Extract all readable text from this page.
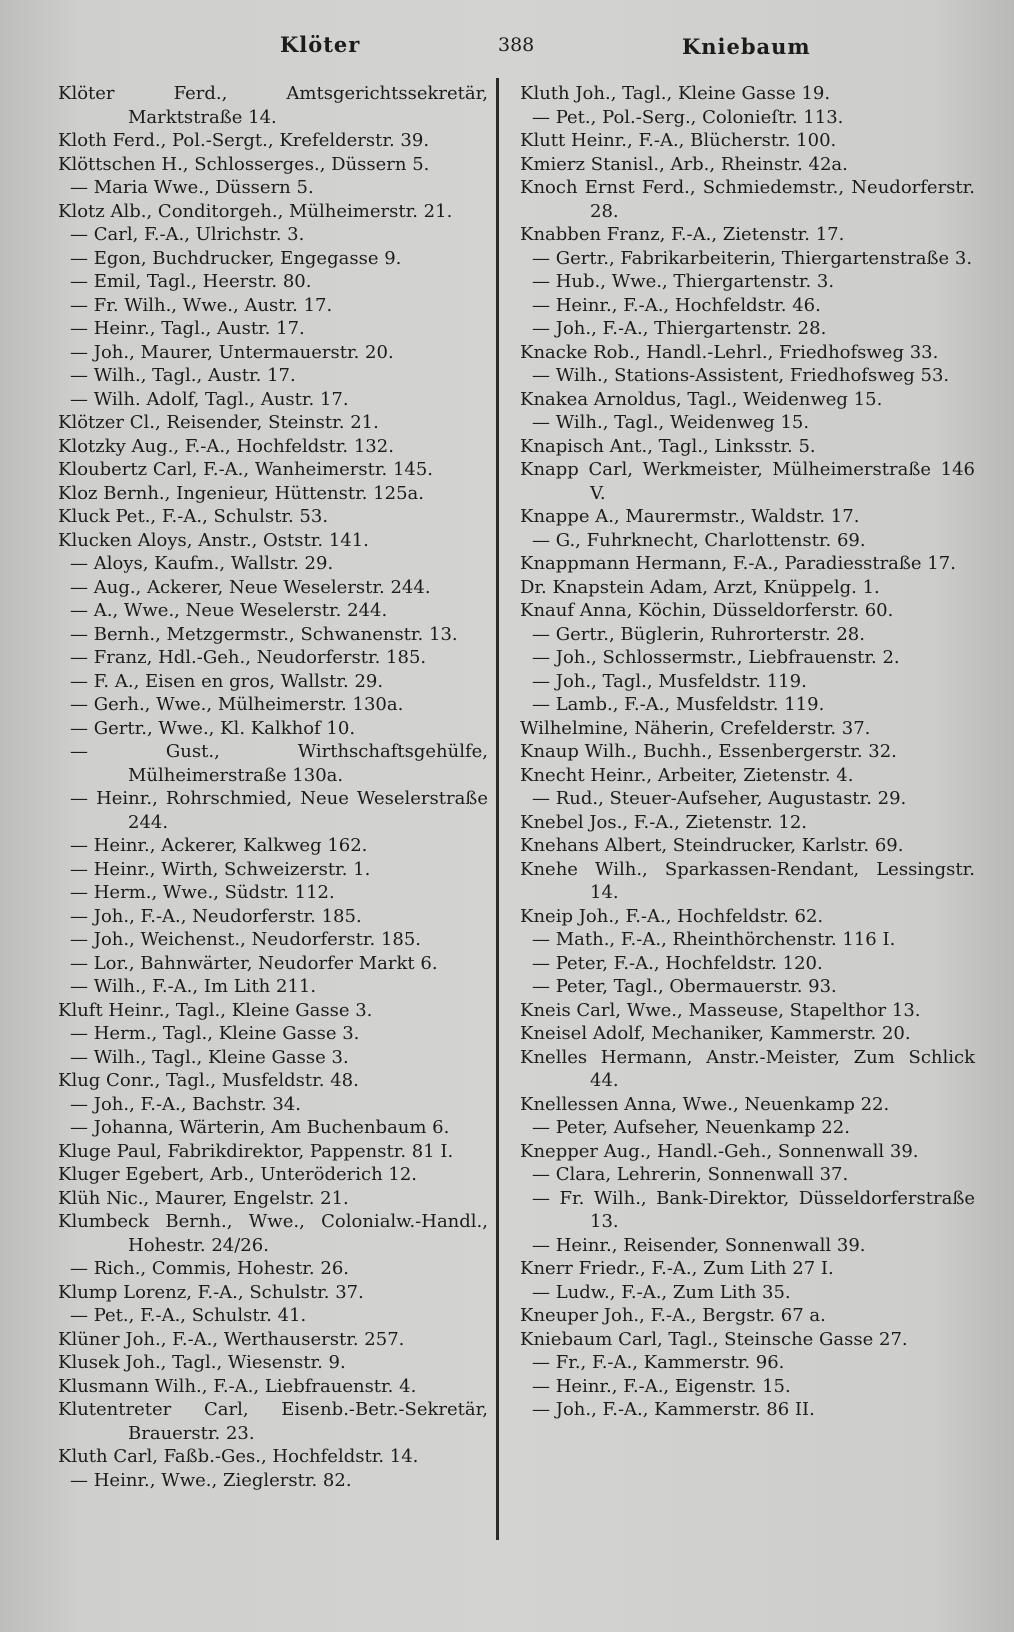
Klöter	388	Kniebaum

Klöter Ferd., Amtsgerichtssekretär, Marktstraße 14.

Kloth Ferd., Pol.-Sergt., Krefelderstr. 39.

Klöttschen H., Schlosserges., Düssern 5.

— Maria Wwe., Düssern 5.

Klotz Alb., Conditorgeh., Mülheimerstr. 21.

— Carl, F.-A., Ulrichstr. 3.

— Egon, Buchdrucker, Engegasse 9.

— Emil, Tagl., Heerstr. 80.

— Fr. Wilh., Wwe., Austr. 17.

— Heinr., Tagl., Austr. 17.

— Joh., Maurer, Untermauerstr. 20.

— Wilh., Tagl., Austr. 17.

— Wilh. Adolf, Tagl., Austr. 17.

Klötzer Cl., Reisender, Steinstr. 21.

Klotzky Aug., F.-A., Hochfeldstr. 132.

Kloubertz Carl, F.-A., Wanheimerstr. 145.

Kloz Bernh., Ingenieur, Hüttenstr. 125a.

Kluck Pet., F.-A., Schulstr. 53.

Klucken Aloys, Anstr., Oststr. 141.

— Aloys, Kaufm., Wallstr. 29.

— Aug., Ackerer, Neue Weselerstr. 244.

— A., Wwe., Neue Weselerstr. 244.

— Bernh., Metzgermstr., Schwanenstr. 13.

— Franz, Hdl.-Geh., Neudorferstr. 185.

— F. A., Eisen en gros, Wallstr. 29.

— Gerh., Wwe., Mülheimerstr. 130a.

— Gertr., Wwe., Kl. Kalkhof 10.

— Gust., Wirthschaftsgehülfe, Mülheimerstraße 130a.

— Heinr., Rohrschmied, Neue Weselerstraße 244.

— Heinr., Ackerer, Kalkweg 162.

— Heinr., Wirth, Schweizerstr. 1.

— Herm., Wwe., Südstr. 112.

— Joh., F.-A., Neudorferstr. 185.

— Joh., Weichenst., Neudorferstr. 185.

— Lor., Bahnwärter, Neudorfer Markt 6.

— Wilh., F.-A., Im Lith 211.

Kluft Heinr., Tagl., Kleine Gasse 3.

— Herm., Tagl., Kleine Gasse 3.

— Wilh., Tagl., Kleine Gasse 3.

Klug Conr., Tagl., Musfeldstr. 48.

— Joh., F.-A., Bachstr. 34.

— Johanna, Wärterin, Am Buchenbaum 6.

Kluge Paul, Fabrikdirektor, Pappenstr. 81 I.

Kluger Egebert, Arb., Unteröderich 12.

Klüh Nic., Maurer, Engelstr. 21.

Klumbeck Bernh., Wwe., Colonialw.-Handl., Hohestr. 24/26.

— Rich., Commis, Hohestr. 26.

Klump Lorenz, F.-A., Schulstr. 37.

— Pet., F.-A., Schulstr. 41.

Klüner Joh., F.-A., Werthauserstr. 257.

Klusek Joh., Tagl., Wiesenstr. 9.

Klusmann Wilh., F.-A., Liebfrauenstr. 4.

Klutentreter Carl, Eisenb.-Betr.-Sekretär, Brauerstr. 23.

Kluth Carl, Faßb.-Ges., Hochfeldstr. 14.

— Heinr., Wwe., Zieglerstr. 82.

Kluth Joh., Tagl., Kleine Gasse 19.

— Pet., Pol.-Serg., Colonieſtr. 113.

Klutt Heinr., F.-A., Blücherstr. 100.

Kmierz Stanisl., Arb., Rheinstr. 42a.

Knoch Ernst Ferd., Schmiedemstr., Neudorferstr. 28.

Knabben Franz, F.-A., Zietenstr. 17.

— Gertr., Fabrikarbeiterin, Thiergartenstraße 3.

— Hub., Wwe., Thiergartenstr. 3.

— Heinr., F.-A., Hochfeldstr. 46.

— Joh., F.-A., Thiergartenstr. 28.

Knacke Rob., Handl.-Lehrl., Friedhofsweg 33.

— Wilh., Stations-Assistent, Friedhofsweg 53.

Knakea Arnoldus, Tagl., Weidenweg 15.

— Wilh., Tagl., Weidenweg 15.

Knapisch Ant., Tagl., Linksstr. 5.

Knapp Carl, Werkmeister, Mülheimerstraße 146 V.

Knappe A., Maurermstr., Waldstr. 17.

— G., Fuhrknecht, Charlottenstr. 69.

Knappmann Hermann, F.-A., Paradiesstraße 17.

Dr. Knapstein Adam, Arzt, Knüppelg. 1.

Knauf Anna, Köchin, Düsseldorferstr. 60.

— Gertr., Büglerin, Ruhrorterstr. 28.

— Joh., Schlossermstr., Liebfrauenstr. 2.

— Joh., Tagl., Musfeldstr. 119.

— Lamb., F.-A., Musfeldstr. 119.

Wilhelmine, Näherin, Crefelderstr. 37.

Knaup Wilh., Buchh., Essenbergerstr. 32.

Knecht Heinr., Arbeiter, Zietenstr. 4.

— Rud., Steuer-Aufseher, Augustastr. 29.

Knebel Jos., F.-A., Zietenstr. 12.

Knehans Albert, Steindrucker, Karlstr. 69.

Knehe Wilh., Sparkassen-Rendant, Lessingstr. 14.

Kneip Joh., F.-A., Hochfeldstr. 62.

— Math., F.-A., Rheinthörchenstr. 116 I.

— Peter, F.-A., Hochfeldstr. 120.

— Peter, Tagl., Obermauerstr. 93.

Kneis Carl, Wwe., Masseuse, Stapelthor 13.

Kneisel Adolf, Mechaniker, Kammerstr. 20.

Knelles Hermann, Anstr.-Meister, Zum Schlick 44.

Knellessen Anna, Wwe., Neuenkamp 22.

— Peter, Aufseher, Neuenkamp 22.

Knepper Aug., Handl.-Geh., Sonnenwall 39.

— Clara, Lehrerin, Sonnenwall 37.

— Fr. Wilh., Bank-Direktor, Düsseldorferstraße 13.

— Heinr., Reisender, Sonnenwall 39.

Knerr Friedr., F.-A., Zum Lith 27 I.

— Ludw., F.-A., Zum Lith 35.

Kneuper Joh., F.-A., Bergstr. 67 a.

Kniebaum Carl, Tagl., Steinsche Gasse 27.

— Fr., F.-A., Kammerstr. 96.

— Heinr., F.-A., Eigenstr. 15.

— Joh., F.-A., Kammerstr. 86 II.
